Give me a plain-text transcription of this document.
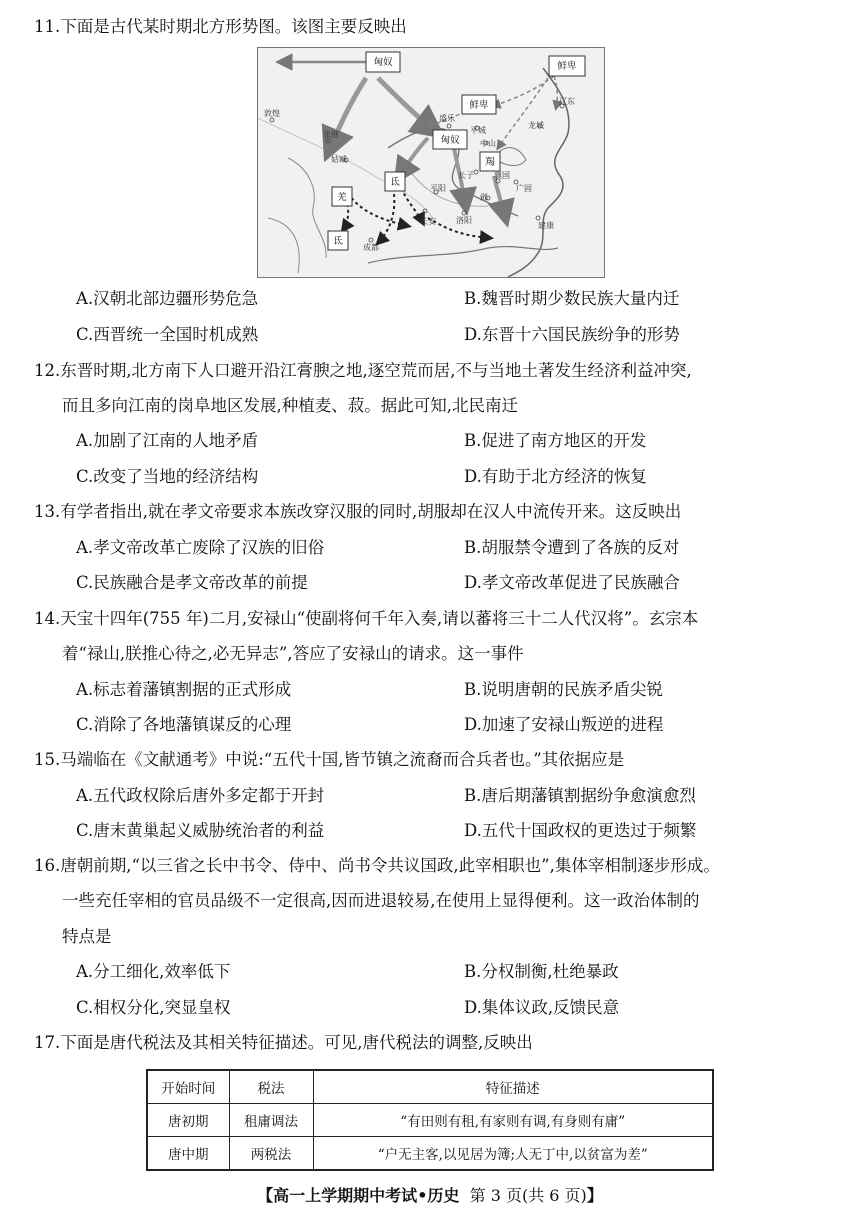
11.下面是古代某时期北方形势图。该图主要反映出
匈奴	鲜卑
鲜卑
匈奴
羯
氐
羌
氐
敦煌
张掖
姑臧
盛乐
平城
中山
辽东
龙城
长子	襄国
平阳
邺
广固
洛阳
长安
成都
建康
A.汉朝北部边疆形势危急	B.魏晋时期少数民族大量内迁
C.西晋统一全国时机成熟	D.东晋十六国民族纷争的形势
12.东晋时期,北方南下人口避开沿江膏腴之地,逐空荒而居,不与当地土著发生经济利益冲突,
而且多向江南的岗阜地区发展,种植麦、菽。据此可知,北民南迁
A.加剧了江南的人地矛盾	B.促进了南方地区的开发
C.改变了当地的经济结构	D.有助于北方经济的恢复
13.有学者指出,就在孝文帝要求本族改穿汉服的同时,胡服却在汉人中流传开来。这反映出
A.孝文帝改革亡废除了汉族的旧俗	B.胡服禁令遭到了各族的反对
C.民族融合是孝文帝改革的前提	D.孝文帝改革促进了民族融合
14.天宝十四年(755 年)二月,安禄山“使副将何千年入奏,请以蕃将三十二人代汉将”。玄宗本
着“禄山,朕推心待之,必无异志”,答应了安禄山的请求。这一事件
A.标志着藩镇割据的正式形成	B.说明唐朝的民族矛盾尖锐
C.消除了各地藩镇谋反的心理	D.加速了安禄山叛逆的进程
15.马端临在《文献通考》中说:“五代十国,皆节镇之流裔而合兵者也。”其依据应是
A.五代政权除后唐外多定都于开封	B.唐后期藩镇割据纷争愈演愈烈
C.唐末黄巢起义威胁统治者的利益	D.五代十国政权的更迭过于频繁
16.唐朝前期,“以三省之长中书令、侍中、尚书令共议国政,此宰相职也”,集体宰相制逐步形成。
一些充任宰相的官员品级不一定很高,因而进退较易,在使用上显得便利。这一政治体制的
特点是
A.分工细化,效率低下	B.分权制衡,杜绝暴政
C.相权分化,突显皇权	D.集体议政,反馈民意
17.下面是唐代税法及其相关特征描述。可见,唐代税法的调整,反映出
开始时间	税法	特征描述
唐初期	租庸调法	“有田则有租,有家则有调,有身则有庸”
唐中期	两税法	“户无主客,以见居为簿;人无丁中,以贫富为差”
【高一上学期期中考试•历史 第 3 页(共 6 页)】
